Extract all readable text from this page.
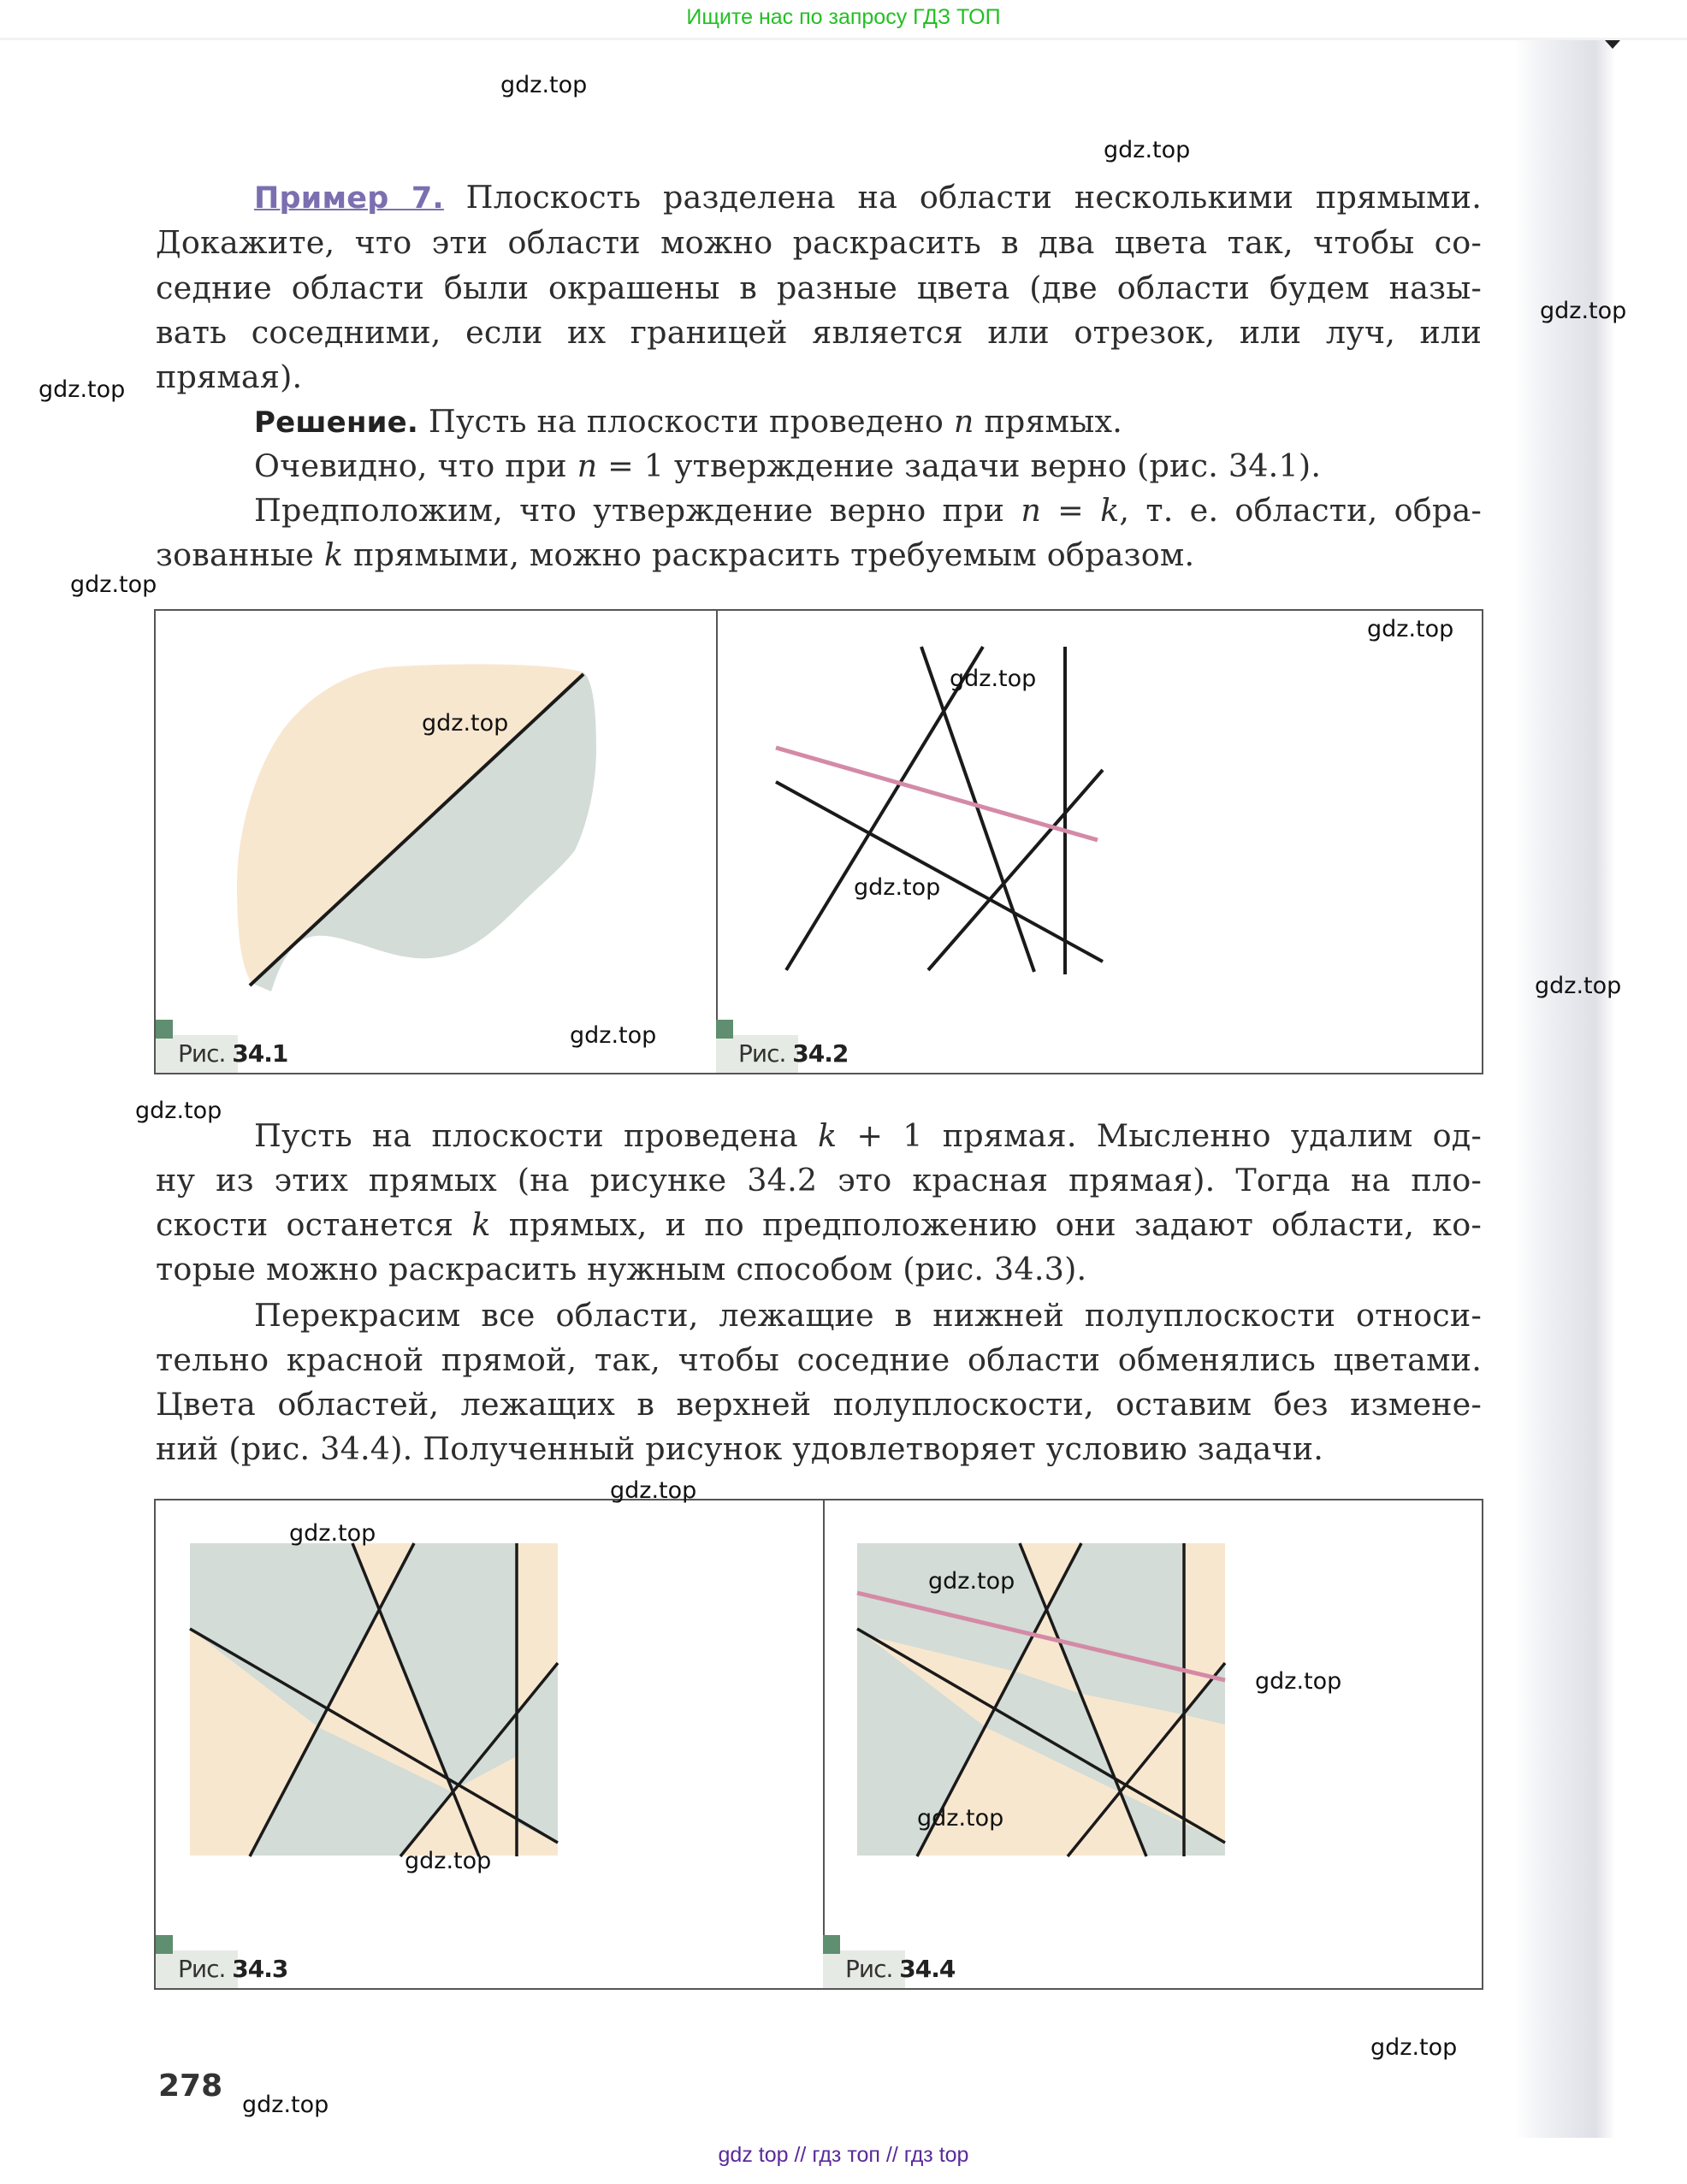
Ищите нас по запросу ГДЗ ТОП
Пример 7. Плоскость разделена на области несколькими прямыми.
Докажите, что эти области можно раскрасить в два цвета так, чтобы со-
седние области были окрашены в разные цвета (две области будем назы-
вать соседними, если их границей является или отрезок, или луч, или
прямая).
Решение. Пусть на плоскости проведено n прямых.
Очевидно, что при n = 1 утверждение задачи верно (рис. 34.1).
Предположим, что утверждение верно при n = k, т. е. области, обра-
зованные k прямыми, можно раскрасить требуемым образом.
Рис. 34.1	Рис. 34.2
Пусть на плоскости проведена k + 1 прямая. Мысленно удалим од-
ну из этих прямых (на рисунке 34.2 это красная прямая). Тогда на пло-
скости останется k прямых, и по предположению они задают области, ко-
торые можно раскрасить нужным способом (рис. 34.3).
Перекрасим все области, лежащие в нижней полуплоскости относи-
тельно красной прямой, так, чтобы соседние области обменялись цветами.
Цвета областей, лежащих в верхней полуплоскости, оставим без измене-
ний (рис. 34.4). Полученный рисунок удовлетворяет условию задачи.
Рис. 34.3	Рис. 34.4
278
gdz.top
gdz.top
gdz.top
gdz.top
gdz.top
gdz.top
gdz.top
gdz.top
gdz.top
gdz.top
gdz.top
gdz.top
gdz.top
gdz.top
gdz.top
gdz.top
gdz.top
gdz.top
gdz.top
gdz.top
gdz top // гдз топ // гдз top
